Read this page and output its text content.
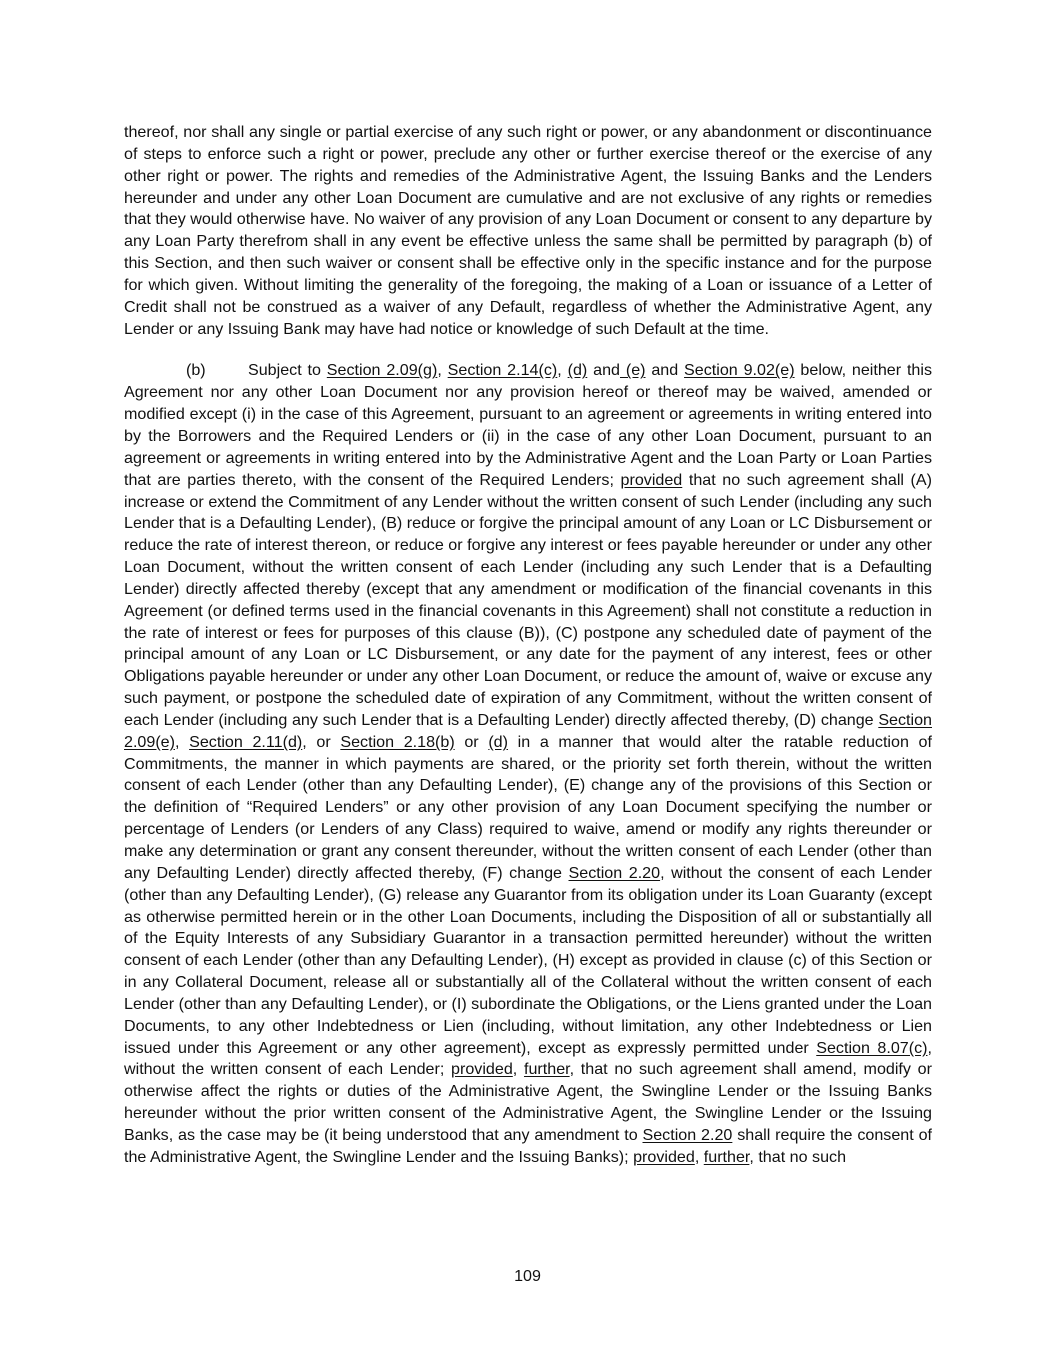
thereof, nor shall any single or partial exercise of any such right or power, or any abandonment or discontinuance of steps to enforce such a right or power, preclude any other or further exercise thereof or the exercise of any other right or power. The rights and remedies of the Administrative Agent, the Issuing Banks and the Lenders hereunder and under any other Loan Document are cumulative and are not exclusive of any rights or remedies that they would otherwise have. No waiver of any provision of any Loan Document or consent to any departure by any Loan Party therefrom shall in any event be effective unless the same shall be permitted by paragraph (b) of this Section, and then such waiver or consent shall be effective only in the specific instance and for the purpose for which given. Without limiting the generality of the foregoing, the making of a Loan or issuance of a Letter of Credit shall not be construed as a waiver of any Default, regardless of whether the Administrative Agent, any Lender or any Issuing Bank may have had notice or knowledge of such Default at the time.

(b)	Subject to Section 2.09(g), Section 2.14(c), (d) and (e) and Section 9.02(e) below, neither this Agreement nor any other Loan Document nor any provision hereof or thereof may be waived, amended or modified except (i) in the case of this Agreement, pursuant to an agreement or agreements in writing entered into by the Borrowers and the Required Lenders or (ii) in the case of any other Loan Document, pursuant to an agreement or agreements in writing entered into by the Administrative Agent and the Loan Party or Loan Parties that are parties thereto, with the consent of the Required Lenders; provided that no such agreement shall (A) increase or extend the Commitment of any Lender without the written consent of such Lender (including any such Lender that is a Defaulting Lender), (B) reduce or forgive the principal amount of any Loan or LC Disbursement or reduce the rate of interest thereon, or reduce or forgive any interest or fees payable hereunder or under any other Loan Document, without the written consent of each Lender (including any such Lender that is a Defaulting Lender) directly affected thereby (except that any amendment or modification of the financial covenants in this Agreement (or defined terms used in the financial covenants in this Agreement) shall not constitute a reduction in the rate of interest or fees for purposes of this clause (B)), (C) postpone any scheduled date of payment of the principal amount of any Loan or LC Disbursement, or any date for the payment of any interest, fees or other Obligations payable hereunder or under any other Loan Document, or reduce the amount of, waive or excuse any such payment, or postpone the scheduled date of expiration of any Commitment, without the written consent of each Lender (including any such Lender that is a Defaulting Lender) directly affected thereby, (D) change Section 2.09(e), Section 2.11(d), or Section 2.18(b) or (d) in a manner that would alter the ratable reduction of Commitments, the manner in which payments are shared, or the priority set forth therein, without the written consent of each Lender (other than any Defaulting Lender), (E) change any of the provisions of this Section or the definition of “Required Lenders” or any other provision of any Loan Document specifying the number or percentage of Lenders (or Lenders of any Class) required to waive, amend or modify any rights thereunder or make any determination or grant any consent thereunder, without the written consent of each Lender (other than any Defaulting Lender) directly affected thereby, (F) change Section 2.20, without the consent of each Lender (other than any Defaulting Lender), (G) release any Guarantor from its obligation under its Loan Guaranty (except as otherwise permitted herein or in the other Loan Documents, including the Disposition of all or substantially all of the Equity Interests of any Subsidiary Guarantor in a transaction permitted hereunder) without the written consent of each Lender (other than any Defaulting Lender), (H) except as provided in clause (c) of this Section or in any Collateral Document, release all or substantially all of the Collateral without the written consent of each Lender (other than any Defaulting Lender), or (I) subordinate the Obligations, or the Liens granted under the Loan Documents, to any other Indebtedness or Lien (including, without limitation, any other Indebtedness or Lien issued under this Agreement or any other agreement), except as expressly permitted under Section 8.07(c), without the written consent of each Lender; provided, further, that no such agreement shall amend, modify or otherwise affect the rights or duties of the Administrative Agent, the Swingline Lender or the Issuing Banks hereunder without the prior written consent of the Administrative Agent, the Swingline Lender or the Issuing Banks, as the case may be (it being understood that any amendment to Section 2.20 shall require the consent of the Administrative Agent, the Swingline Lender and the Issuing Banks); provided, further, that no such

109
